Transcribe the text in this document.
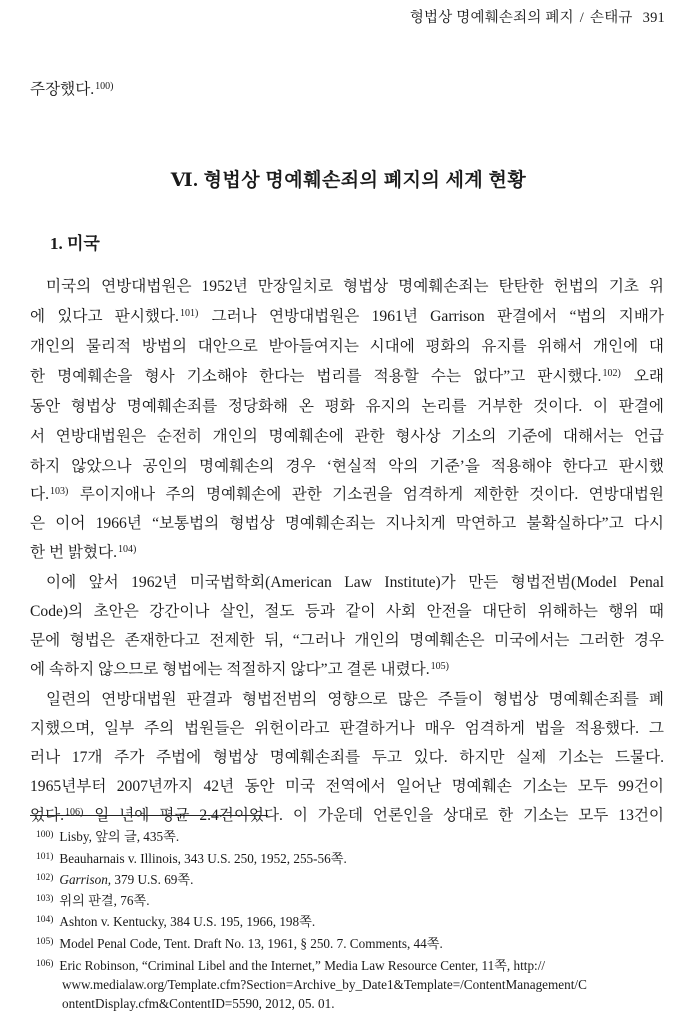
형법상 명예훼손죄의 폐지 / 손태규 391
주장했다.$^{100)}$
Ⅵ. 형법상 명예훼손죄의 폐지의 세계 현황
1. 미국
미국의 연방대법원은 1952년 만장일치로 형법상 명예훼손죄는 탄탄한 헌법의 기초 위
에 있다고 판시했다.$^{101)}$ 그러나 연방대법원은 1961년 Garrison 판결에서 “법의 지배가
개인의 물리적 방법의 대안으로 받아들여지는 시대에 평화의 유지를 위해서 개인에 대
한 명예훼손을 형사 기소해야 한다는 법리를 적용할 수는 없다”고 판시했다.$^{102)}$ 오래
동안 형법상 명예훼손죄를 정당화해 온 평화 유지의 논리를 거부한 것이다. 이 판결에
서 연방대법원은 순전히 개인의 명예훼손에 관한 형사상 기소의 기준에 대해서는 언급
하지 않았으나 공인의 명예훼손의 경우 ‘현실적 악의 기준’을 적용해야 한다고 판시했
다.$^{103)}$ 루이지애나 주의 명예훼손에 관한 기소권을 엄격하게 제한한 것이다. 연방대법원
은 이어 1966년 “보통법의 형법상 명예훼손죄는 지나치게 막연하고 불확실하다”고 다시
한 번 밝혔다.$^{104)}$
이에 앞서 1962년 미국법학회(American Law Institute)가 만든 형법전범(Model Penal
Code)의 초안은 강간이나 살인, 절도 등과 같이 사회 안전을 대단히 위해하는 행위 때
문에 형법은 존재한다고 전제한 뒤, “그러나 개인의 명예훼손은 미국에서는 그러한 경우
에 속하지 않으므로 형법에는 적절하지 않다”고 결론 내렸다.$^{105)}$
일련의 연방대법원 판결과 형법전범의 영향으로 많은 주들이 형법상 명예훼손죄를 폐
지했으며, 일부 주의 법원들은 위헌이라고 판결하거나 매우 엄격하게 법을 적용했다. 그
러나 17개 주가 주법에 형법상 명예훼손죄를 두고 있다. 하지만 실제 기소는 드물다.
1965년부터 2007년까지 42년 동안 미국 전역에서 일어난 명예훼손 기소는 모두 99건이
었다.$^{106)}$ 일 년에 평균 2.4건이었다. 이 가운데 언론인을 상대로 한 기소는 모두 13건이
$^{100)}$ Lisby, 앞의 글, 435쪽.
$^{101)}$ Beauharnais v. Illinois, 343 U.S. 250, 1952, 255-56쪽.
$^{102)}$ Garrison, 379 U.S. 69쪽.
$^{103)}$ 위의 판결, 76쪽.
$^{104)}$ Ashton v. Kentucky, 384 U.S. 195, 1966, 198쪽.
$^{105)}$ Model Penal Code, Tent. Draft No. 13, 1961, § 250. 7. Comments, 44쪽.
$^{106)}$ Eric Robinson, “Criminal Libel and the Internet,” Media Law Resource Center, 11쪽, http://
www.medialaw.org/Template.cfm?Section=Archive_by_Date1&Template=/ContentManagement/C
ontentDisplay.cfm&ContentID=5590, 2012, 05. 01.
